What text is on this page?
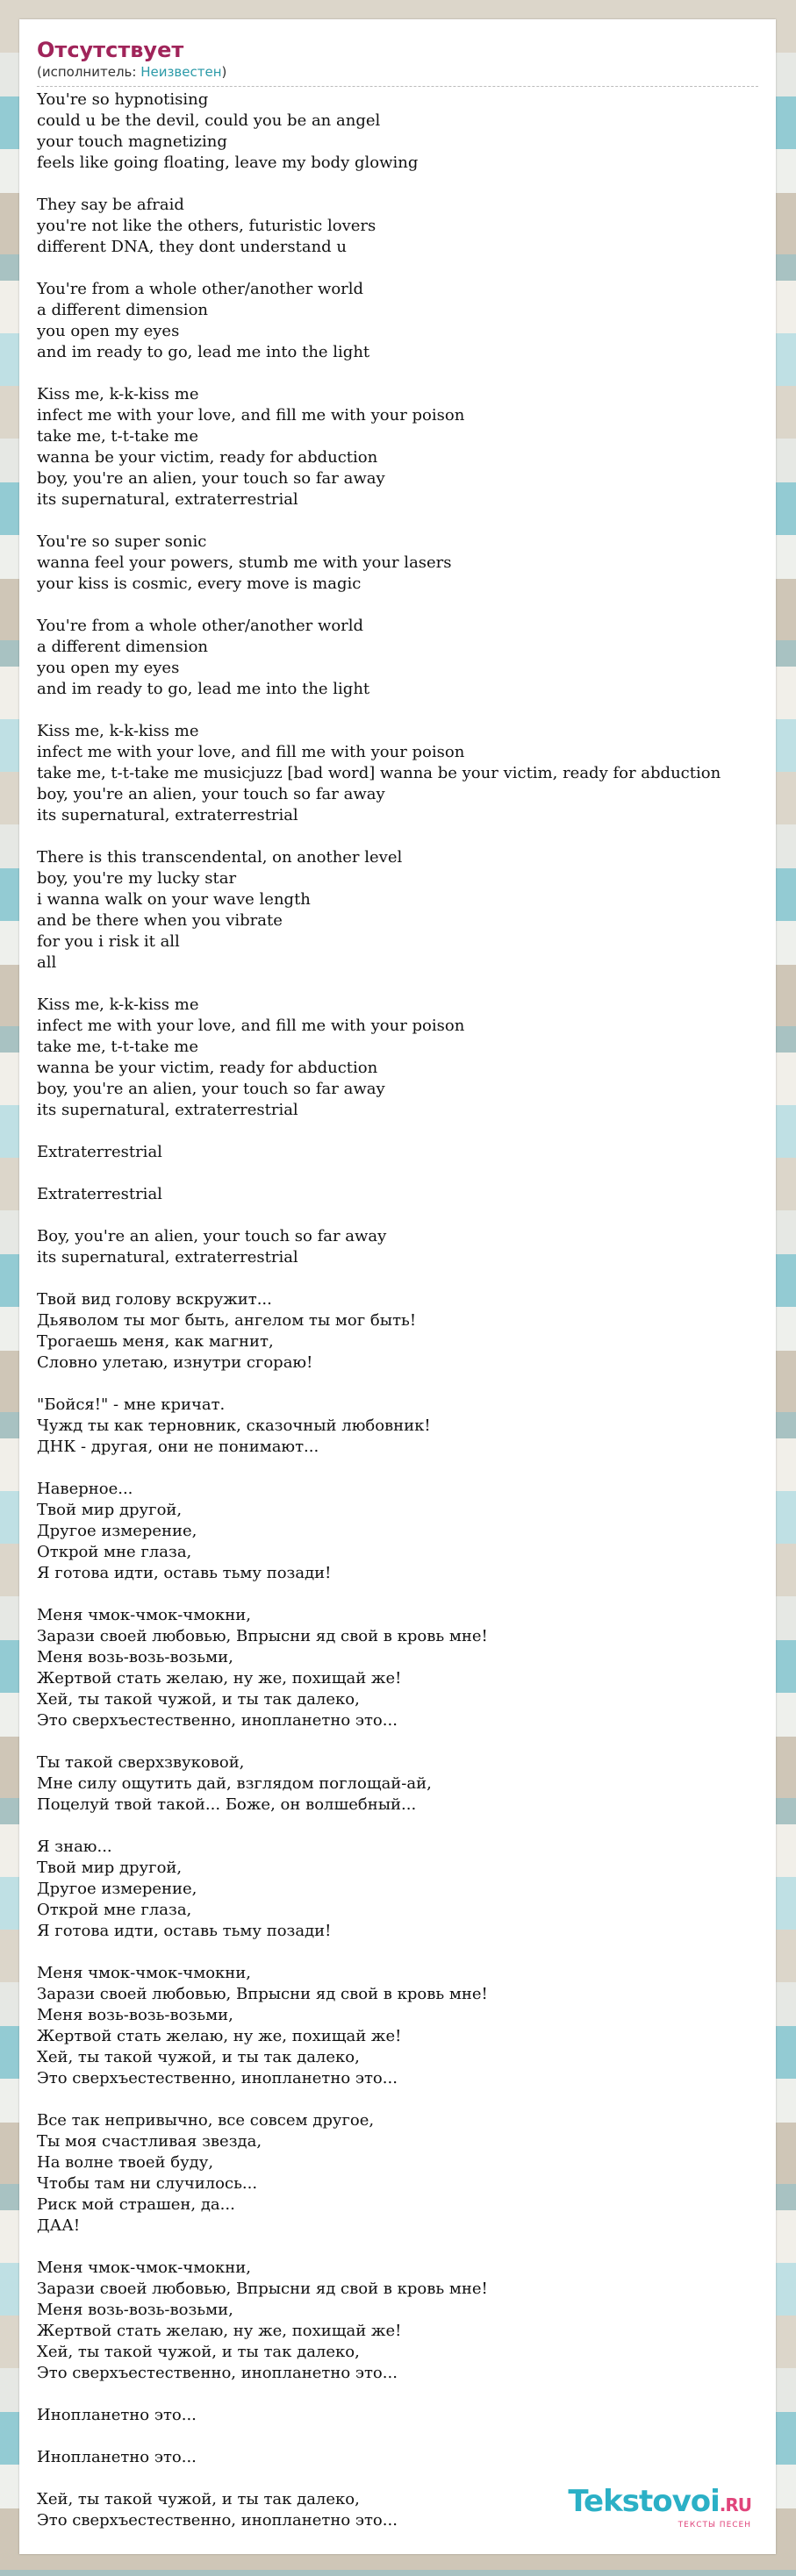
Отсутствует
(исполнитель: Неизвестен)
You're so hypnotising
could u be the devil, could you be an angel
your touch magnetizing
feels like going floating, leave my body glowing
They say be afraid
you're not like the others, futuristic lovers
different DNA, they dont understand u
You're from a whole other/another world
a different dimension
you open my eyes
and im ready to go, lead me into the light
Kiss me, k-k-kiss me
infect me with your love, and fill me with your poison
take me, t-t-take me
wanna be your victim, ready for abduction
boy, you're an alien, your touch so far away
its supernatural, extraterrestrial
You're so super sonic
wanna feel your powers, stumb me with your lasers
your kiss is cosmic, every move is magic
You're from a whole other/another world
a different dimension
you open my eyes
and im ready to go, lead me into the light
Kiss me, k-k-kiss me
infect me with your love, and fill me with your poison
take me, t-t-take me musicjuzz [bad word] wanna be your victim, ready for abduction
boy, you're an alien, your touch so far away
its supernatural, extraterrestrial
There is this transcendental, on another level
boy, you're my lucky star
i wanna walk on your wave length
and be there when you vibrate
for you i risk it all
all
Kiss me, k-k-kiss me
infect me with your love, and fill me with your poison
take me, t-t-take me
wanna be your victim, ready for abduction
boy, you're an alien, your touch so far away
its supernatural, extraterrestrial
Extraterrestrial
Extraterrestrial
Boy, you're an alien, your touch so far away
its supernatural, extraterrestrial
Твой вид голову вскружит...
Дьяволом ты мог быть, ангелом ты мог быть!
Трогаешь меня, как магнит,
Словно улетаю, изнутри сгораю!
"Бойся!" - мне кричат.
Чужд ты как терновник, сказочный любовник!
ДНК - другая, они не понимают...
Наверное...
Твой мир другой,
Другое измерение,
Открой мне глаза,
Я готова идти, оставь тьму позади!
Меня чмок-чмок-чмокни,
Зарази своей любовью, Впрысни яд свой в кровь мне!
Меня возь-возь-возьми,
Жертвой стать желаю, ну же, похищай же!
Хей, ты такой чужой, и ты так далеко,
Это сверхъестественно, инопланетно это...
Ты такой сверхзвуковой,
Мне силу ощутить дай, взглядом поглощай-ай,
Поцелуй твой такой... Боже, он волшебный...
Я знаю...
Твой мир другой,
Другое измерение,
Открой мне глаза,
Я готова идти, оставь тьму позади!
Меня чмок-чмок-чмокни,
Зарази своей любовью, Впрысни яд свой в кровь мне!
Меня возь-возь-возьми,
Жертвой стать желаю, ну же, похищай же!
Хей, ты такой чужой, и ты так далеко,
Это сверхъестественно, инопланетно это...
Все так непривычно, все совсем другое,
Ты моя счастливая звезда,
На волне твоей буду,
Чтобы там ни случилось...
Риск мой страшен, да...
ДАА!
Меня чмок-чмок-чмокни,
Зарази своей любовью, Впрысни яд свой в кровь мне!
Меня возь-возь-возьми,
Жертвой стать желаю, ну же, похищай же!
Хей, ты такой чужой, и ты так далеко,
Это сверхъестественно, инопланетно это...
Инопланетно это...
Инопланетно это...
Хей, ты такой чужой, и ты так далеко,
Это сверхъестественно, инопланетно это...
Tekstovoi.RU
ТЕКСТЫ ПЕСЕН
